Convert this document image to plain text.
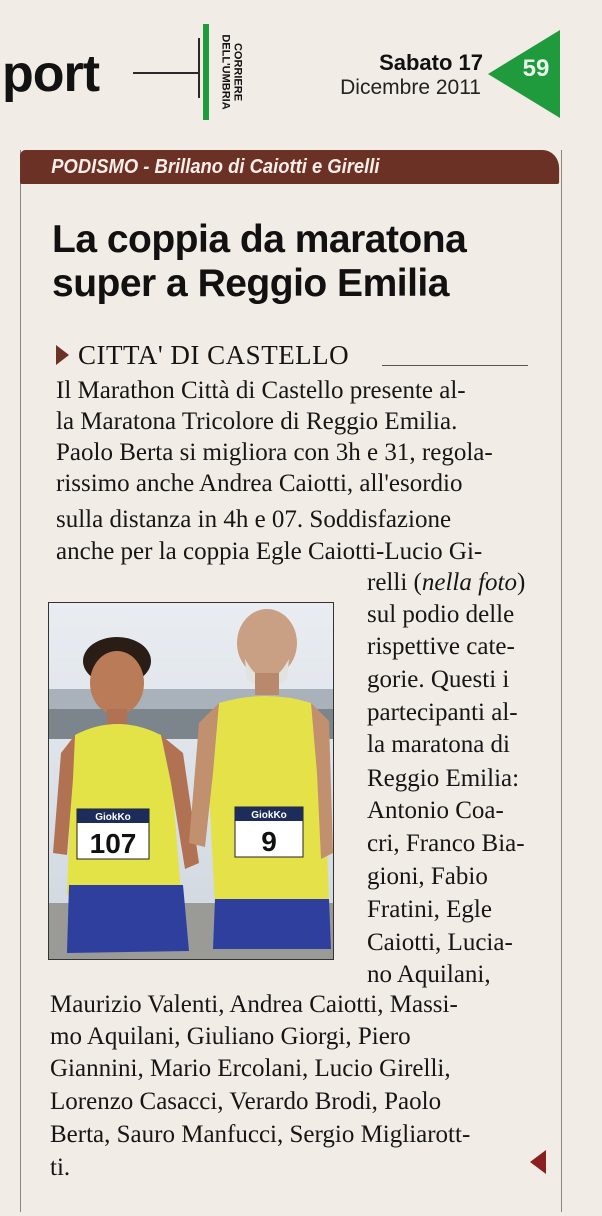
port	CORRIERE
DELL'UMBRIA	Sabato 17
Dicembre 2011
59
PODISMO - Brillano di Caiotti e Girelli
La coppia da maratona
super a Reggio Emilia
CITTA' DI CASTELLO
Il Marathon Città di Castello presente al-
la Maratona Tricolore di Reggio Emilia.
Paolo Berta si migliora con 3h e 31, regola-
rissimo anche Andrea Caiotti, all'esordio
sulla distanza in 4h e 07. Soddisfazione
anche per la coppia Egle Caiotti-Lucio Gi-
relli (nella foto)
sul podio delle
rispettive cate-
gorie. Questi i
partecipanti al-
la maratona di
Reggio Emilia:
Antonio Coa-
cri, Franco Bia-
gioni, Fabio
Fratini, Egle
Caiotti, Lucia-
no Aquilani,
Maurizio Valenti, Andrea Caiotti, Massi-
mo Aquilani, Giuliano Giorgi, Piero
Giannini, Mario Ercolani, Lucio Girelli,
Lorenzo Casacci, Verardo Brodi, Paolo
Berta, Sauro Manfucci, Sergio Migliarott-
ti.
GiokKo
107
GiokKo
9
